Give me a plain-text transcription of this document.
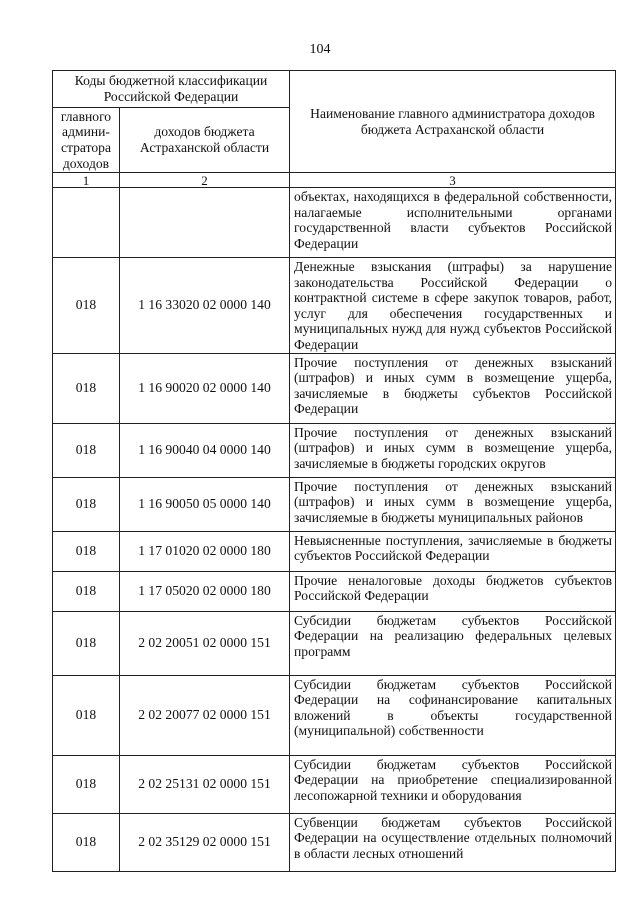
104
Коды бюджетной классификации Российской Федерации		Наименование главного администратора доходов бюджета Астраханской области
главного админи-стратора доходов	доходов бюджета Астраханской области	
1	2	3
		объектах, находящихся в федеральной собственности, налагаемые исполнительными органами государственной власти субъектов Российской Федерации
018	1 16 33020 02 0000 140	Денежные взыскания (штрафы) за нарушение законодательства Российской Федерации о контрактной системе в сфере закупок товаров, работ, услуг для обеспечения государственных и муниципальных нужд для нужд субъектов Российской Федерации
018	1 16 90020 02 0000 140	Прочие поступления от денежных взысканий (штрафов) и иных сумм в возмещение ущерба, зачисляемые в бюджеты субъектов Российской Федерации
018	1 16 90040 04 0000 140	Прочие поступления от денежных взысканий (штрафов) и иных сумм в возмещение ущерба, зачисляемые в бюджеты городских округов
018	1 16 90050 05 0000 140	Прочие поступления от денежных взысканий (штрафов) и иных сумм в возмещение ущерба, зачисляемые в бюджеты муниципальных районов
018	1 17 01020 02 0000 180	Невыясненные поступления, зачисляемые в бюджеты субъектов Российской Федерации
018	1 17 05020 02 0000 180	Прочие неналоговые доходы бюджетов субъектов Российской Федерации
018	2 02 20051 02 0000 151	Субсидии бюджетам субъектов Российской Федерации на реализацию федеральных целевых программ
018	2 02 20077 02 0000 151	Субсидии бюджетам субъектов Российской Федерации на софинансирование капитальных вложений в объекты государственной (муниципальной) собственности
018	2 02 25131 02 0000 151	Субсидии бюджетам субъектов Российской Федерации на приобретение специализированной лесопожарной техники и оборудования
018	2 02 35129 02 0000 151	Субвенции бюджетам субъектов Российской Федерации на осуществление отдельных полномочий в области лесных отношений
